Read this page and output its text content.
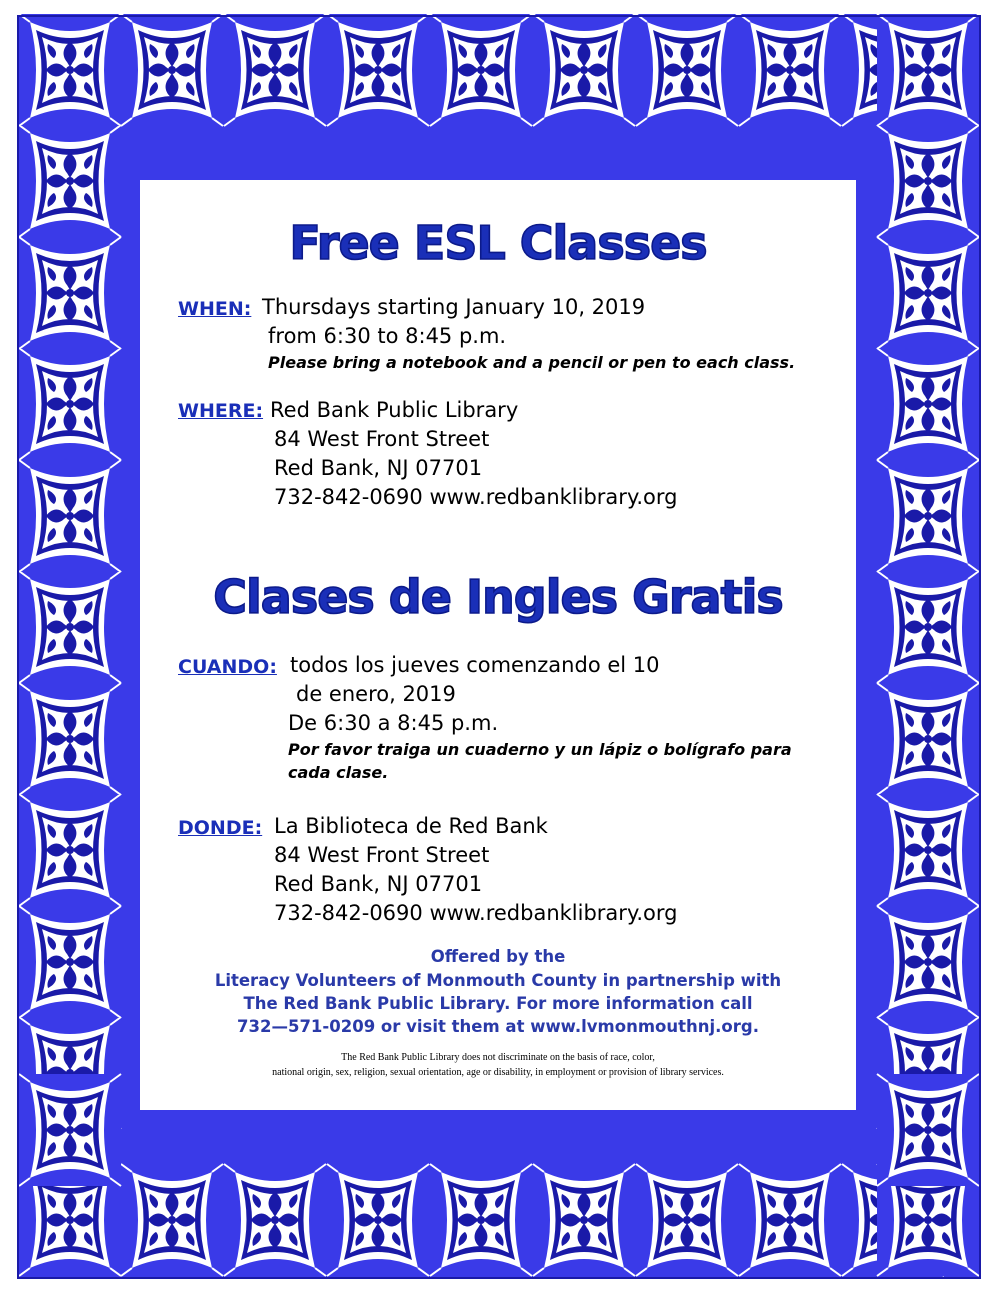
Free ESL Classes
WHEN: Thursdays starting January 10, 2019
from 6:30 to 8:45 p.m.
Please bring a notebook and a pencil or pen to each class.
WHERE: Red Bank Public Library
84 West Front Street
Red Bank, NJ 07701
732-842-0690 www.redbanklibrary.org
Clases de Ingles Gratis
CUANDO: todos los jueves comenzando el 10
de enero, 2019
De 6:30 a 8:45 p.m.
Por favor traiga un cuaderno y un lápiz o bolígrafo para
cada clase.
DONDE: La Biblioteca de Red Bank
84 West Front Street
Red Bank, NJ 07701
732-842-0690 www.redbanklibrary.org
Offered by the
Literacy Volunteers of Monmouth County in partnership with
The Red Bank Public Library. For more information call
732—571-0209 or visit them at www.lvmonmouthnj.org.
The Red Bank Public Library does not discriminate on the basis of race, color,
national origin, sex, religion, sexual orientation, age or disability, in employment or provision of library services.
